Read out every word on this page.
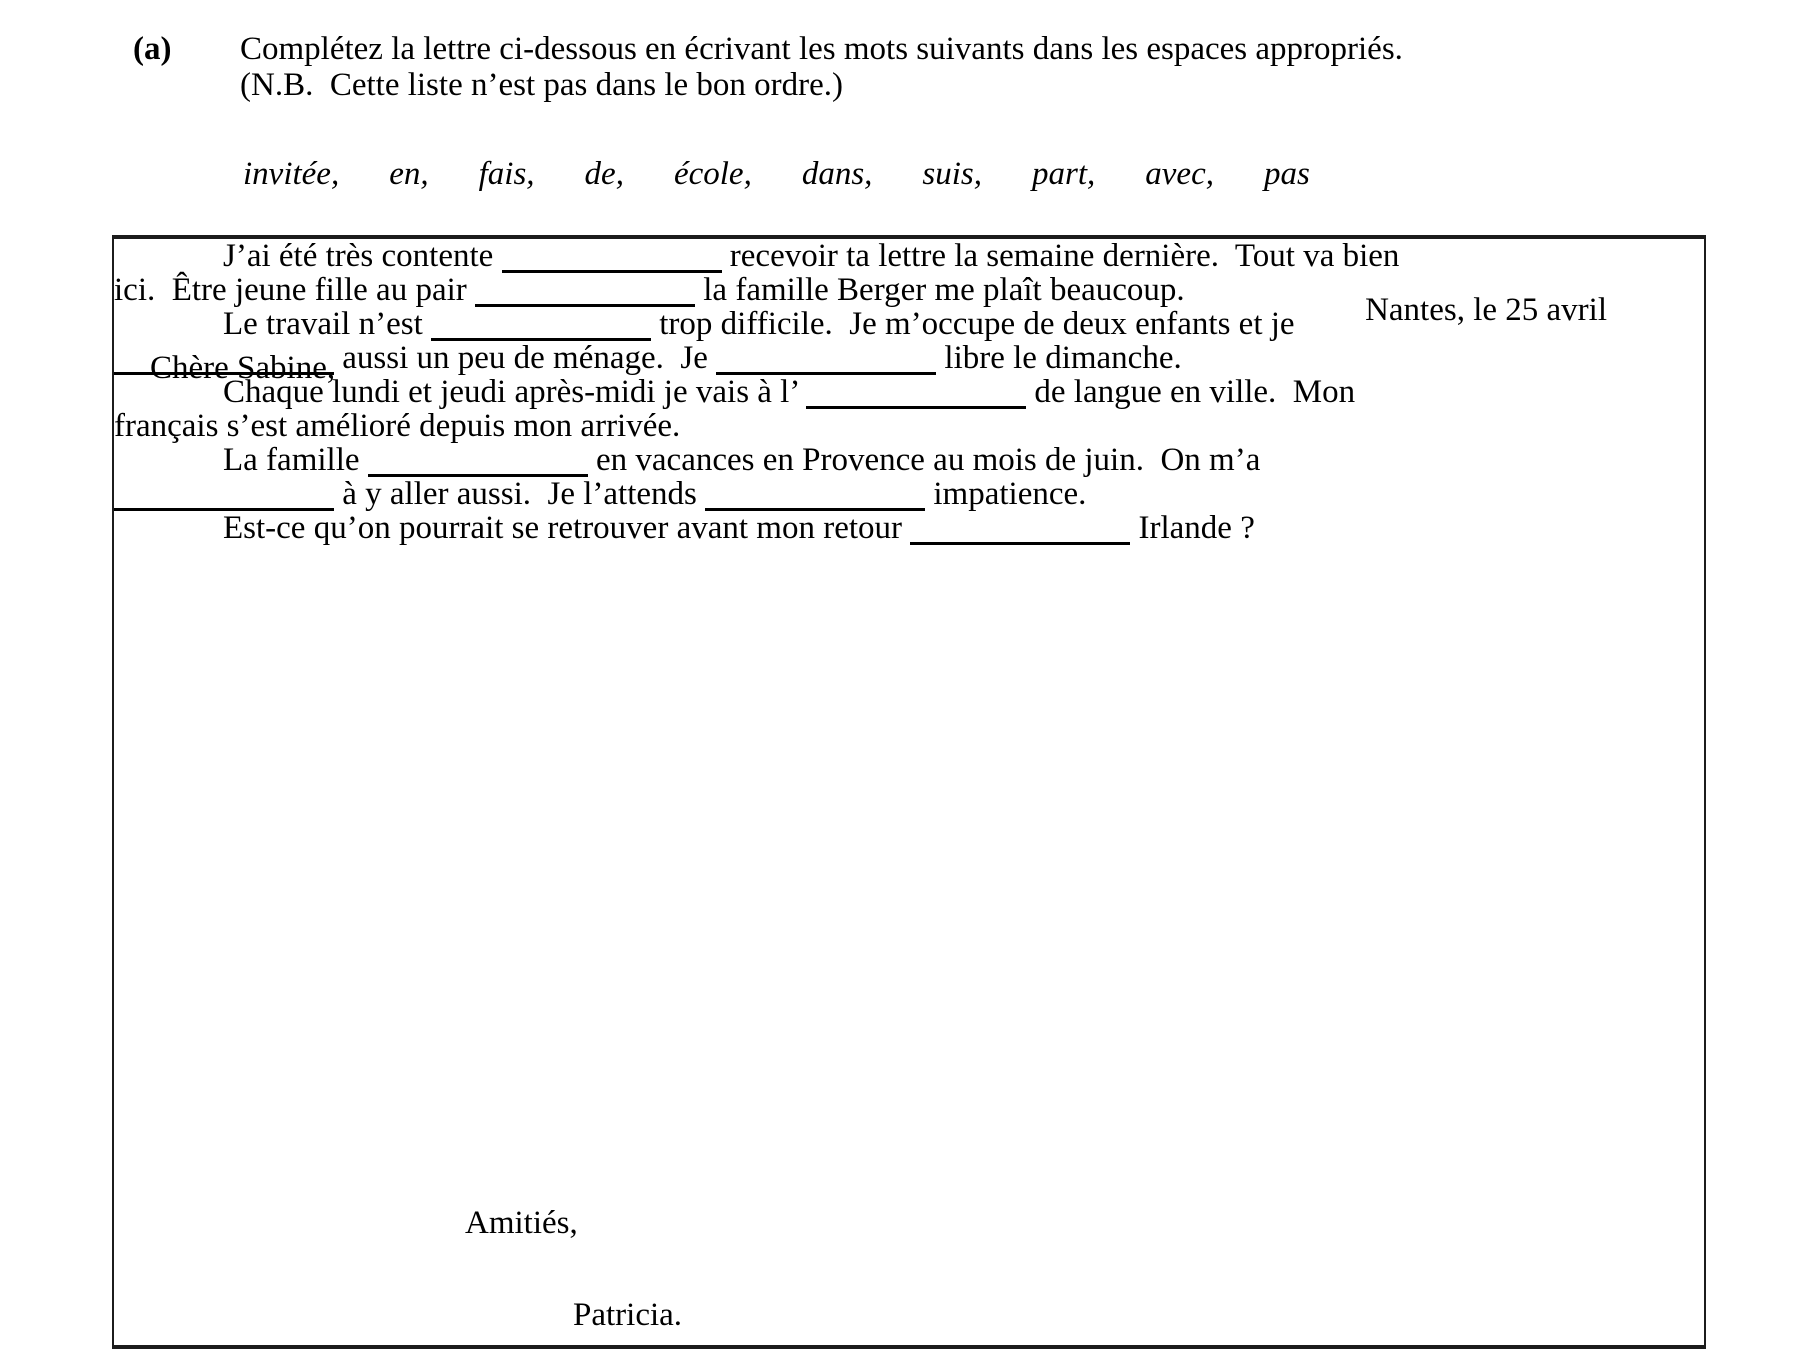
(a) Complétez la lettre ci-dessous en écrivant les mots suivants dans les espaces appropriés.
(N.B.  Cette liste n’est pas dans le bon ordre.)
invitée, en, fais, de, école, dans, suis, part, avec, pas
Nantes, le 25 avril
Chère Sabine,
J’ai été très contente	recevoir ta lettre la semaine dernière.  Tout va bien
ici.  Être jeune fille au pair	la famille Berger me plaît beaucoup.
Le travail n’est	trop difficile.  Je m’occupe de deux enfants et je
aussi un peu de ménage.  Je	libre le dimanche.
Chaque lundi et jeudi après-midi je vais à l’	de langue en ville.  Mon
français s’est amélioré depuis mon arrivée.
La famille	en vacances en Provence au mois de juin.  On m’a
à y aller aussi.  Je l’attends	impatience.
Est-ce qu’on pourrait se retrouver avant mon retour	Irlande ?
Amitiés,
Patricia.
